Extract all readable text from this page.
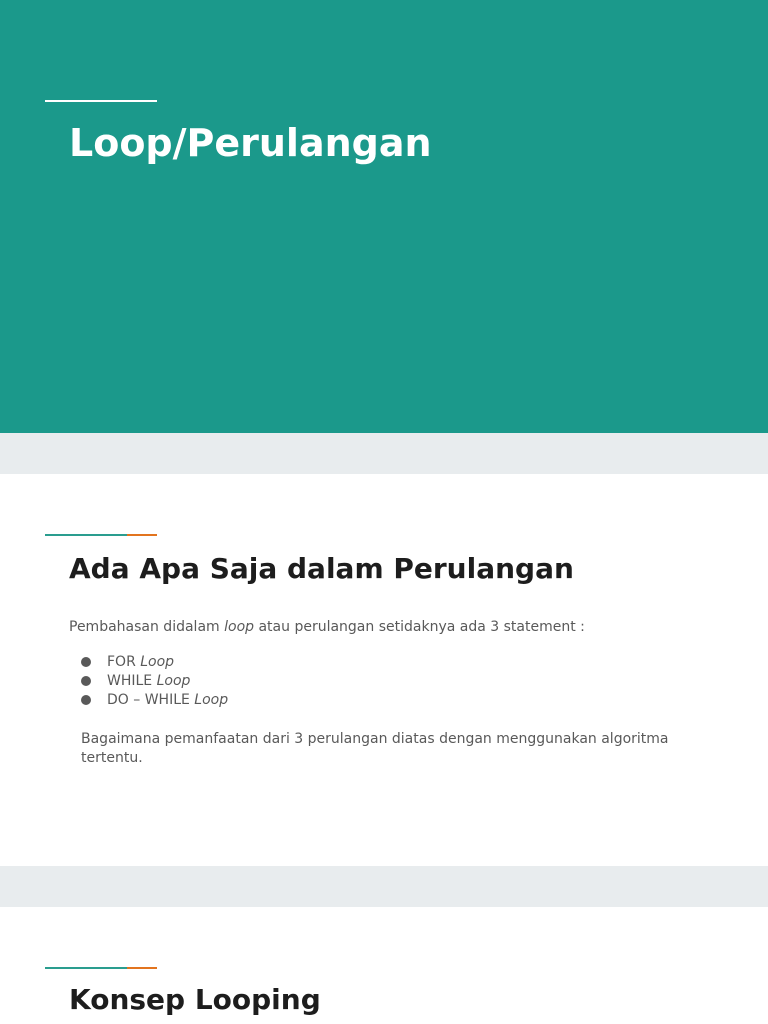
Loop/Perulangan
Ada Apa Saja dalam Perulangan

Pembahasan didalam loop atau perulangan setidaknya ada 3 statement :

FOR Loop
WHILE Loop
DO – WHILE Loop

Bagaimana pemanfaatan dari 3 perulangan diatas dengan menggunakan algoritma tertentu.

Konsep Looping
